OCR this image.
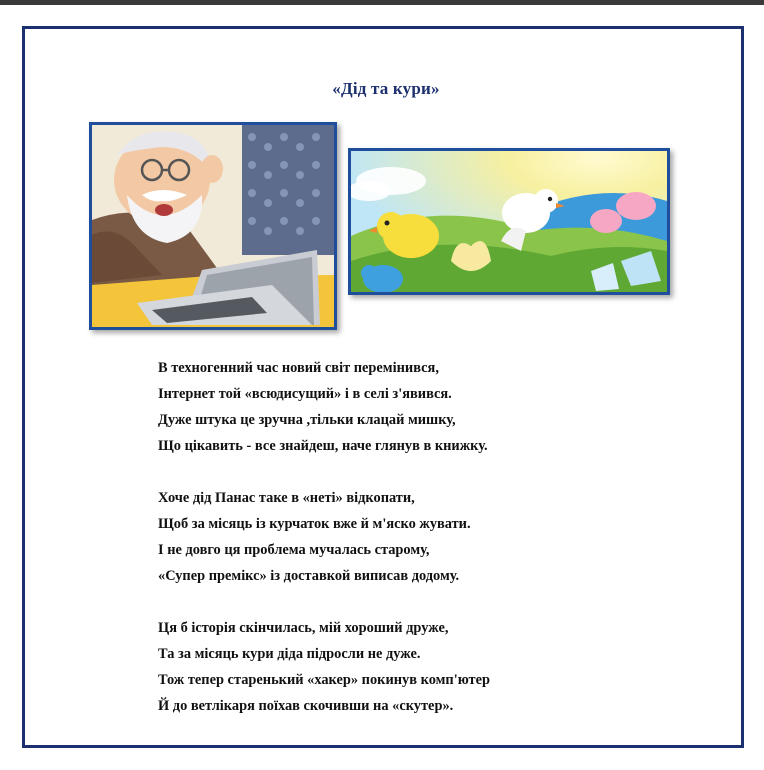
«Дід та кури»
В техногенний час новий світ перемінився,
Інтернет той «всюдисущий» і в селі з'явився.
Дуже штука це зручна ,тільки клацай мишку,
Що цікавить - все знайдеш, наче глянув в книжку.
Хоче дід Панас таке в «неті» відкопати,
Щоб за місяць із курчаток вже й м'яско жувати.
І не довго ця проблема мучалась старому,
«Супер премікс» із доставкой виписав додому.
Ця б історія скінчилась, мій хороший друже,
Та за місяць кури діда підросли не дуже.
Тож тепер старенький «хакер» покинув комп'ютер
Й до ветлікаря поїхав скочивши на «скутер».
